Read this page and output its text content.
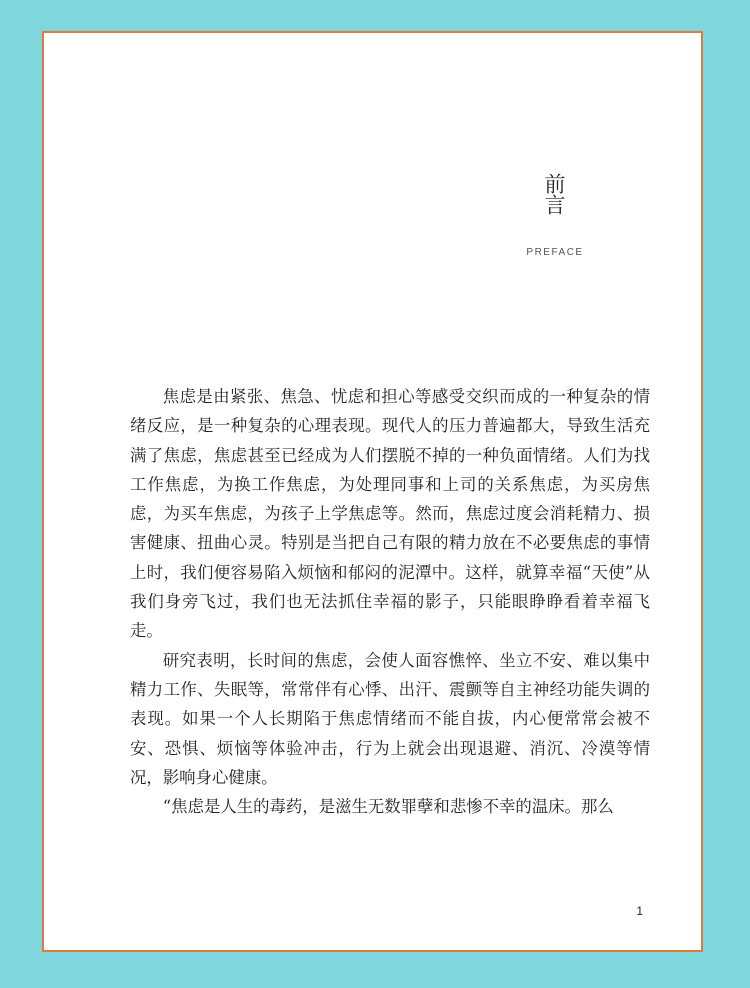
前言
PREFACE

焦虑是由紧张、焦急、忧虑和担心等感受交织而成的一种复杂的情绪反应，是一种复杂的心理表现。现代人的压力普遍都大，导致生活充满了焦虑，焦虑甚至已经成为人们摆脱不掉的一种负面情绪。人们为找工作焦虑，为换工作焦虑，为处理同事和上司的关系焦虑，为买房焦虑，为买车焦虑，为孩子上学焦虑等。然而，焦虑过度会消耗精力、损害健康、扭曲心灵。特别是当把自己有限的精力放在不必要焦虑的事情上时，我们便容易陷入烦恼和郁闷的泥潭中。这样，就算幸福“天使”从我们身旁飞过，我们也无法抓住幸福的影子，只能眼睁睁看着幸福飞走。

研究表明，长时间的焦虑，会使人面容憔悴、坐立不安、难以集中精力工作、失眠等，常常伴有心悸、出汗、震颤等自主神经功能失调的表现。如果一个人长期陷于焦虑情绪而不能自拔，内心便常常会被不安、恐惧、烦恼等体验冲击，行为上就会出现退避、消沉、冷漠等情况，影响身心健康。

“焦虑是人生的毒药，是滋生无数罪孽和悲惨不幸的温床。那么

1
